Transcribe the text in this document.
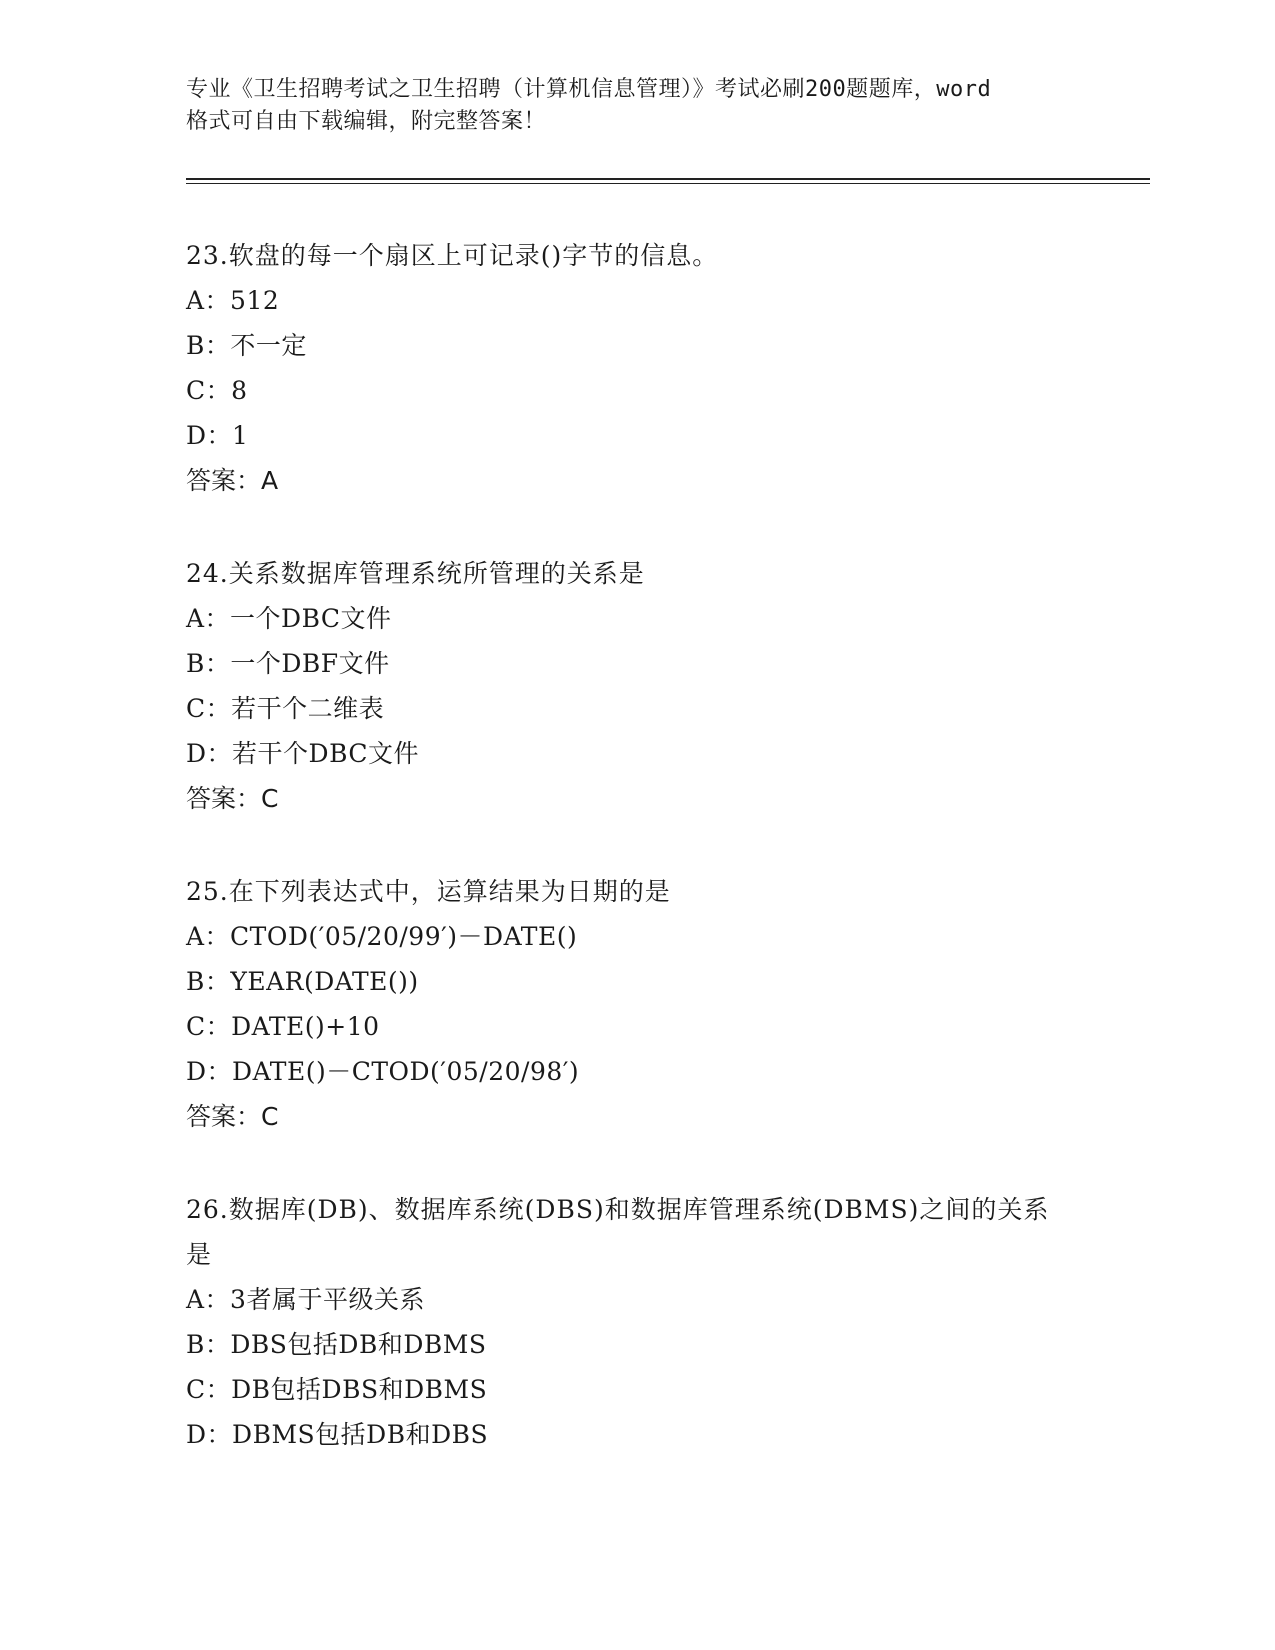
专业《卫生招聘考试之卫生招聘（计算机信息管理）》考试必刷200题题库，word
格式可自由下载编辑，附完整答案！
23.软盘的每一个扇区上可记录()字节的信息。
A：512
B：不一定
C：8
D：1
答案：A
24.关系数据库管理系统所管理的关系是
A：一个DBC文件
B：一个DBF文件
C：若干个二维表
D：若干个DBC文件
答案：C
25.在下列表达式中，运算结果为日期的是
A：CTOD(′05/20/99′)－DATE()
B：YEAR(DATE())
C：DATE()+10
D：DATE()－CTOD(′05/20/98′)
答案：C
26.数据库(DB)、数据库系统(DBS)和数据库管理系统(DBMS)之间的关系是
A：3者属于平级关系
B：DBS包括DB和DBMS
C：DB包括DBS和DBMS
D：DBMS包括DB和DBS
